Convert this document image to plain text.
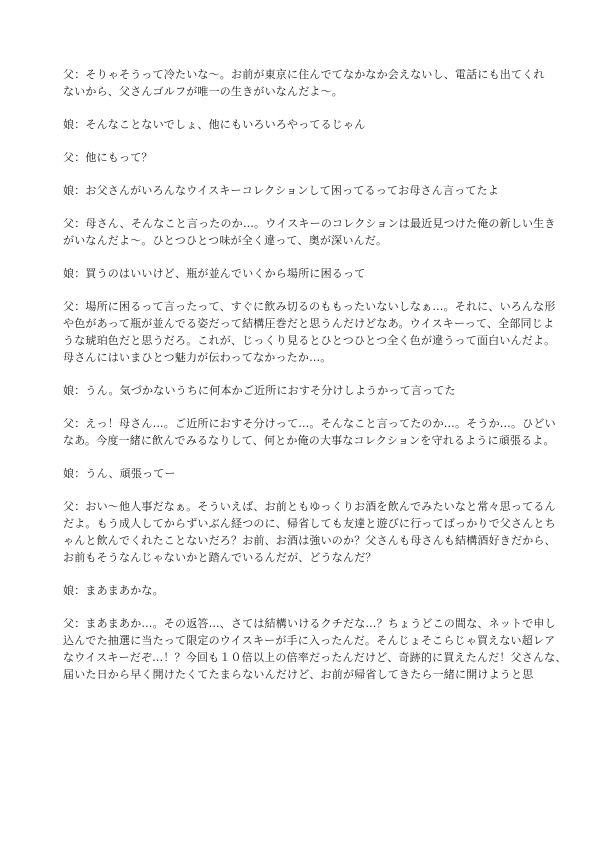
父：そりゃそうって冷たいな〜。お前が東京に住んでてなかなか会えないし、電話にも出てくれ
ないから、父さんゴルフが唯一の生きがいなんだよ〜。

娘：そんなことないでしょ、他にもいろいろやってるじゃん

父：他にもって？

娘：お父さんがいろんなウイスキーコレクションして困ってるってお母さん言ってたよ

父：母さん、そんなこと言ったのか…。ウイスキーのコレクションは最近見つけた俺の新しい生き
がいなんだよ〜。ひとつひとつ味が全く違って、奥が深いんだ。

娘：買うのはいいけど、瓶が並んでいくから場所に困るって

父：場所に困るって言ったって、すぐに飲み切るのももったいないしなぁ…。それに、いろんな形
や色があって瓶が並んでる姿だって結構圧巻だと思うんだけどなあ。ウイスキーって、全部同じよ
うな琥珀色だと思うだろ。これが、じっくり見るとひとつひとつ全く色が違うって面白いんだよ。
母さんにはいまひとつ魅力が伝わってなかったか…。

娘：うん。気づかないうちに何本かご近所におすそ分けしようかって言ってた

父：えっ！母さん…。ご近所におすそ分けって…。そんなこと言ってたのか…。そうか…。ひどい
なあ。今度一緒に飲んでみるなりして、何とか俺の大事なコレクションを守れるように頑張るよ。

娘：うん、頑張ってー

父：おい〜他人事だなぁ。そういえば、お前ともゆっくりお酒を飲んでみたいなと常々思ってるん
だよ。もう成人してからずいぶん経つのに、帰省しても友達と遊びに行ってばっかりで父さんとち
ゃんと飲んでくれたことないだろ？お前、お酒は強いのか？父さんも母さんも結構酒好きだから、
お前もそうなんじゃないかと踏んでいるんだが、どうなんだ？

娘：まあまあかな。

父：まあまあか…。その返答…、さては結構いけるクチだな…？ちょうどこの間な、ネットで申し
込んでた抽選に当たって限定のウイスキーが手に入ったんだ。そんじょそこらじゃ買えない超レア
なウイスキーだぞ…！？今回も１０倍以上の倍率だったんだけど、奇跡的に買えたんだ！父さんな、
届いた日から早く開けたくてたまらないんだけど、お前が帰省してきたら一緒に開けようと思
